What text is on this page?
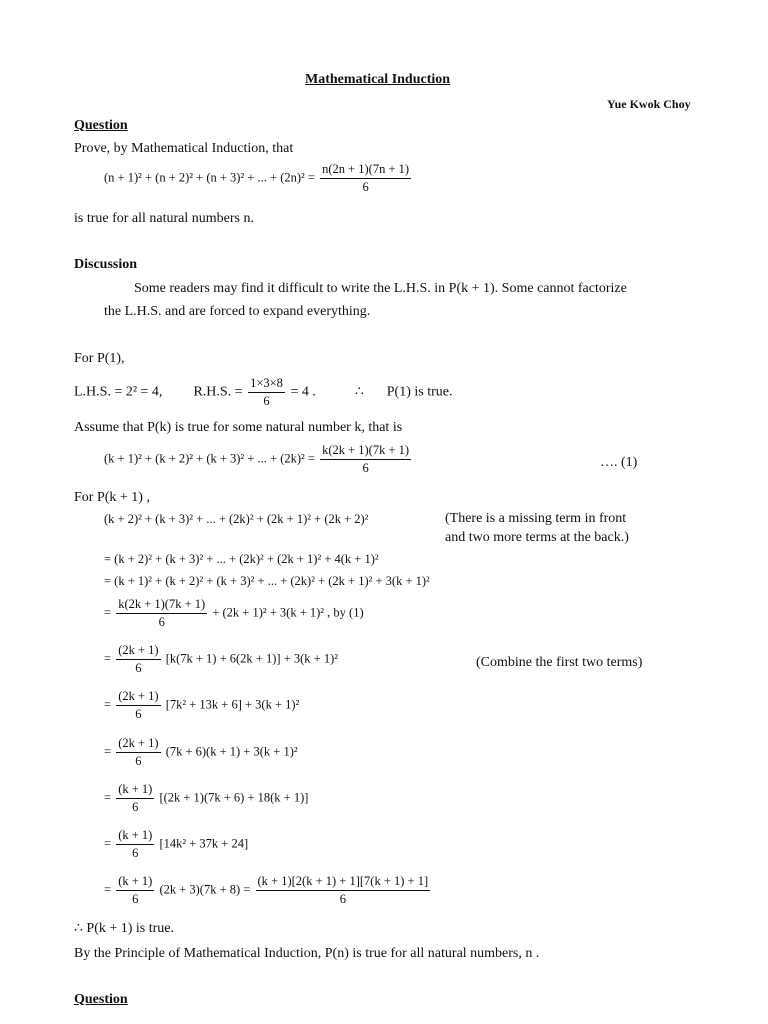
Mathematical Induction
Yue Kwok Choy
Question
Prove, by Mathematical Induction, that
(n + 1)² + (n + 2)² + (n + 3)² + ... + $(2n)^2 = \frac{n(2n + 1)(7n + 1)}{6}$
is true for all natural numbers n.
Discussion
Some readers may find it difficult to write the L.H.S. in P(k + 1). Some cannot factorize
the L.H.S. and are forced to expand everything.
For P(1),
L.H.S. = 2² = 4, R.H.S. = $\frac{1\times 3\times 8}{6} = 4$ .	∴ P(1) is true.
Assume that P(k) is true for some natural number k, that is
(k + 1)² + (k + 2)² + (k + 3)² + ... + $(2k)^2 = \frac{k(2k + 1)(7k + 1)}{6}$	…. (1)
For P(k + 1) ,
(k + 2)² + (k + 3)² + ... + (2k)² + (2k + 1)² + (2k + 2)²	(There is a missing term in front
and two more terms at the back.)
= (k + 2)² + (k + 3)² + ... + (2k)² + (2k + 1)² + 4(k + 1)²
= (k + 1)² + (k + 2)² + (k + 3)² + ... + (2k)² + (2k + 1)² + 3(k + 1)²
= $\frac{k(2k + 1)(7k + 1)}{6} + (2k + 1)^2 + 3(k + 1)^2$ , by (1)
= $\frac{(2k + 1)}{6} [k(7k + 1) + 6(2k + 1)] + 3(k + 1)^2$	(Combine the first two terms)
= $\frac{(2k + 1)}{6} [7k^2 + 13k + 6] + 3(k + 1)^2$
= $\frac{(2k + 1)}{6} (7k + 6)(k + 1) + 3(k + 1)^2$
= $\frac{(k + 1)}{6} [(2k + 1)(7k + 6) + 18(k + 1)]$
= $\frac{(k + 1)}{6} [14k^2 + 37k + 24]$
= $\frac{(k + 1)}{6} (2k + 3)(7k + 8) = \frac{(k + 1)[2(k + 1) + 1][7(k + 1) + 1]}{6}$
∴ P(k + 1) is true.
By the Principle of Mathematical Induction, P(n) is true for all natural numbers, n .
Question
